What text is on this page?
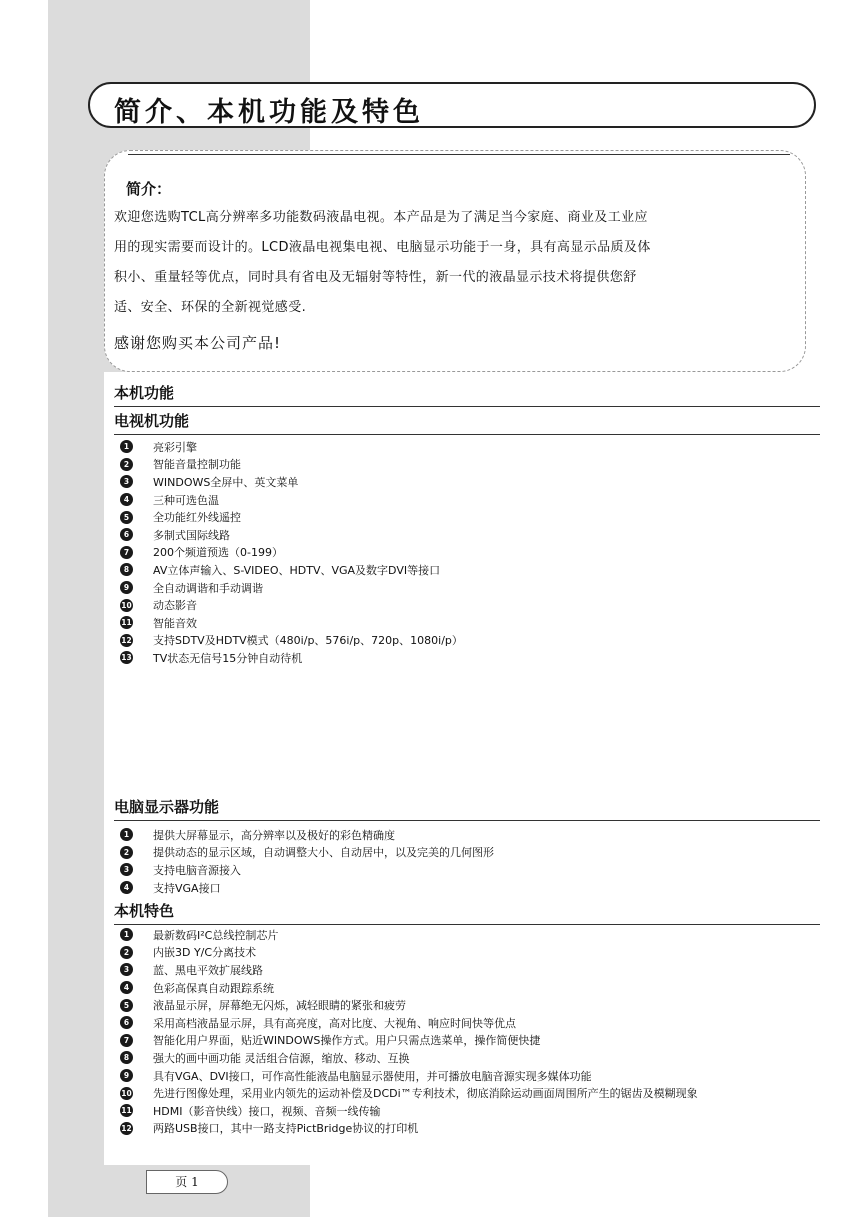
简介、本机功能及特色

简介：

欢迎您选购TCL高分辨率多功能数码液晶电视。本产品是为了满足当今家庭、商业及工业应

用的现实需要而设计的。LCD液晶电视集电视、电脑显示功能于一身，具有高显示品质及体

积小、重量轻等优点，同时具有省电及无辐射等特性，新一代的液晶显示技术将提供您舒

适、安全、环保的全新视觉感受.

感谢您购买本公司产品!

本机功能
电视机功能
1	亮彩引擎
2	智能音量控制功能
3	WINDOWS全屏中、英文菜单
4	三种可选色温
5	全功能红外线遥控
6	多制式国际线路
7	200个频道预选（0-199）
8	AV立体声输入、S-VIDEO、HDTV、VGA及数字DVI等接口
9	全自动调谐和手动调谐
10 动态影音
11 智能音效
12 支持SDTV及HDTV模式（480i/p、576i/p、720p、1080i/p）
13 TV状态无信号15分钟自动待机
电脑显示器功能
1	提供大屏幕显示，高分辨率以及极好的彩色精确度
2	提供动态的显示区域，自动调整大小、自动居中，以及完美的几何图形
3	支持电脑音源接入
4	支持VGA接口
本机特色
1	最新数码I²C总线控制芯片
2	内嵌3D Y/C分离技术
3	蓝、黑电平效扩展线路
4	色彩高保真自动跟踪系统
5	液晶显示屏，屏幕绝无闪烁，减轻眼睛的紧张和疲劳
6	采用高档液晶显示屏，具有高亮度，高对比度、大视角、响应时间快等优点
7	智能化用户界面，贴近WINDOWS操作方式。用户只需点选菜单，操作简便快捷
8	强大的画中画功能 灵活组合信源，缩放、移动、互换
9	具有VGA、DVI接口，可作高性能液晶电脑显示器使用，并可播放电脑音源实现多媒体功能
10 先进行图像处理，采用业内领先的运动补偿及DCDi™专利技术，彻底消除运动画面周围所产生的锯齿及模糊现象
11 HDMI（影音快线）接口，视频、音频一线传输
12 两路USB接口，其中一路支持PictBridge协议的打印机
页 1
